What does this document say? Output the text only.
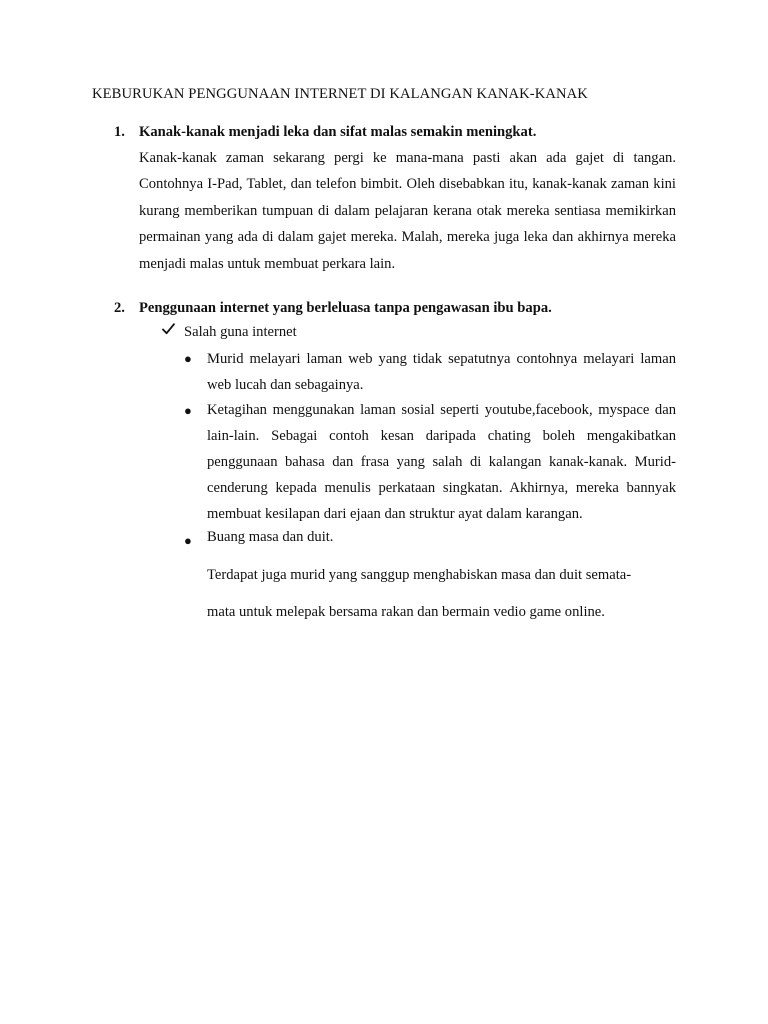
KEBURUKAN PENGGUNAAN INTERNET DI KALANGAN KANAK-KANAK
1. Kanak-kanak menjadi leka dan sifat malas semakin meningkat.

Kanak-kanak zaman sekarang pergi ke mana-mana pasti akan ada gajet di tangan. Contohnya I-Pad, Tablet, dan telefon bimbit. Oleh disebabkan itu, kanak-kanak zaman kini kurang memberikan tumpuan di dalam pelajaran kerana otak mereka sentiasa memikirkan permainan yang ada di dalam gajet mereka. Malah, mereka juga leka dan akhirnya mereka menjadi malas untuk membuat perkara lain.

2. Penggunaan internet yang berleluasa tanpa pengawasan ibu bapa.
Salah guna internet
● Murid melayari laman web yang tidak sepatutnya contohnya melayari laman web lucah dan sebagainya.

● Ketagihan menggunakan laman sosial seperti youtube,facebook, myspace dan lain-lain. Sebagai contoh kesan daripada chating boleh mengakibatkan penggunaan bahasa dan frasa yang salah di kalangan kanak-kanak. Murid- cenderung kepada menulis perkataan singkatan. Akhirnya, mereka bannyak membuat kesilapan dari ejaan dan struktur ayat dalam karangan.

● Buang masa dan duit.
Terdapat juga murid yang sanggup menghabiskan masa dan duit semata-
mata untuk melepak bersama rakan dan bermain vedio game online.
